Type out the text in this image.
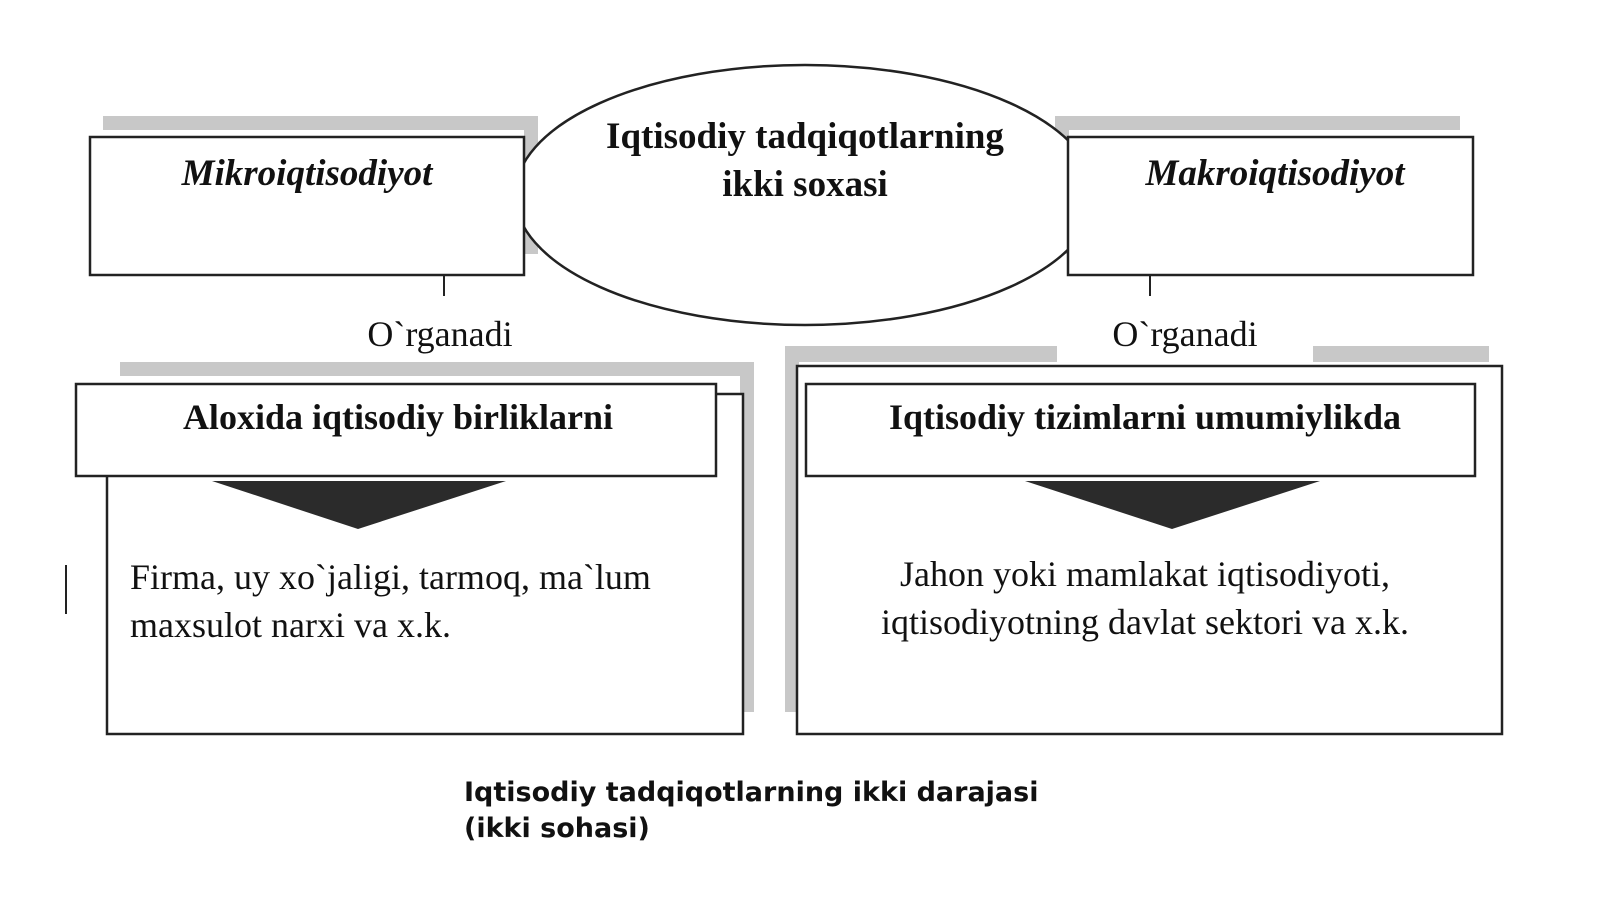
Iqtisodiy tadqiqotlarning
ikki soxasi
Mikroiqtisodiyot	Makroiqtisodiyot
O`rganadi	O`rganadi
Aloxida iqtisodiy birliklarni	Iqtisodiy tizimlarni umumiylikda
Firma, uy xo`jaligi, tarmoq, ma`lum
maxsulot narxi va x.k.
Jahon yoki mamlakat iqtisodiyoti,
iqtisodiyotning davlat sektori va x.k.
Iqtisodiy tadqiqotlarning ikki darajasi
(ikki sohasi)
